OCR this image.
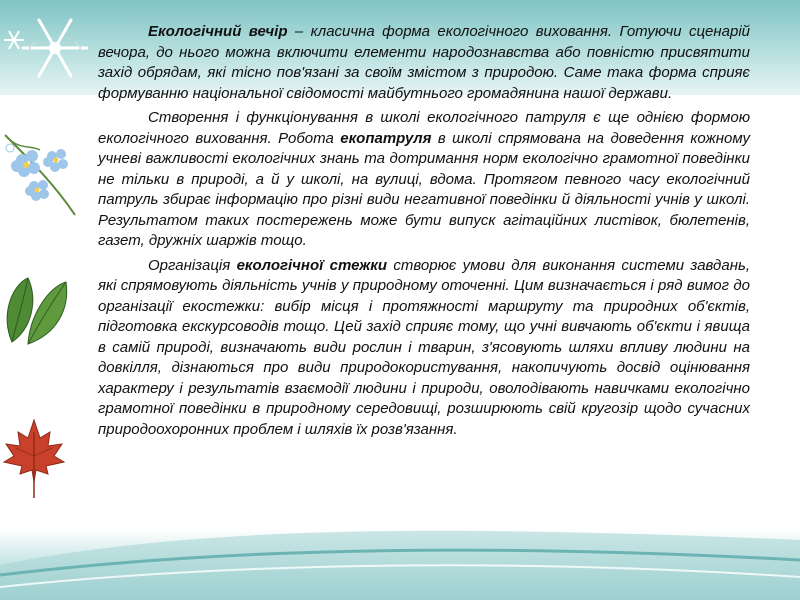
Екологічний вечір – класична форма екологічного виховання. Готуючи сценарій вечора, до нього можна включити елементи народознавства або повністю присвятити захід обрядам, які тісно пов'язані за своїм змістом з природою. Саме така форма сприяє формуванню національної свідомості майбутнього громадянина нашої держави.

Створення і функціонування в школі екологічного патруля є ще однією формою екологічного виховання. Робота екопатруля в школі спрямована на доведення кожному учневі важливості екологічних знань та дотримання норм екологічно грамотної поведінки не тільки в природі, а й у школі, на вулиці, вдома. Протягом певного часу екологічний патруль збирає інформацію про різні види негативної поведінки й діяльності учнів у школі. Результатом таких постережень може бути випуск агітаційних листівок, бюлетенів, газет, дружніх шаржів тощо.

Організація екологічної стежки створює умови для виконання системи завдань, які спрямовують діяльність учнів у природному оточенні. Цим визначається і ряд вимог до організації екостежки: вибір місця і протяжності маршруту та природних об'єктів, підготовка екскурсоводів тощо. Цей захід сприяє тому, що учні вивчають об'єкти і явища в самій природі, визначають види рослин і тварин, з'ясовують шляхи впливу людини на довкілля, дізнаються про види природокористування, накопичують досвід оцінювання характеру і результатів взаємодії людини і природи, оволодівають навичками екологічно грамотної поведінки в природному середовищі, розширюють свій кругозір щодо сучасних природоохоронних проблем і шляхів їх розв'язання.
